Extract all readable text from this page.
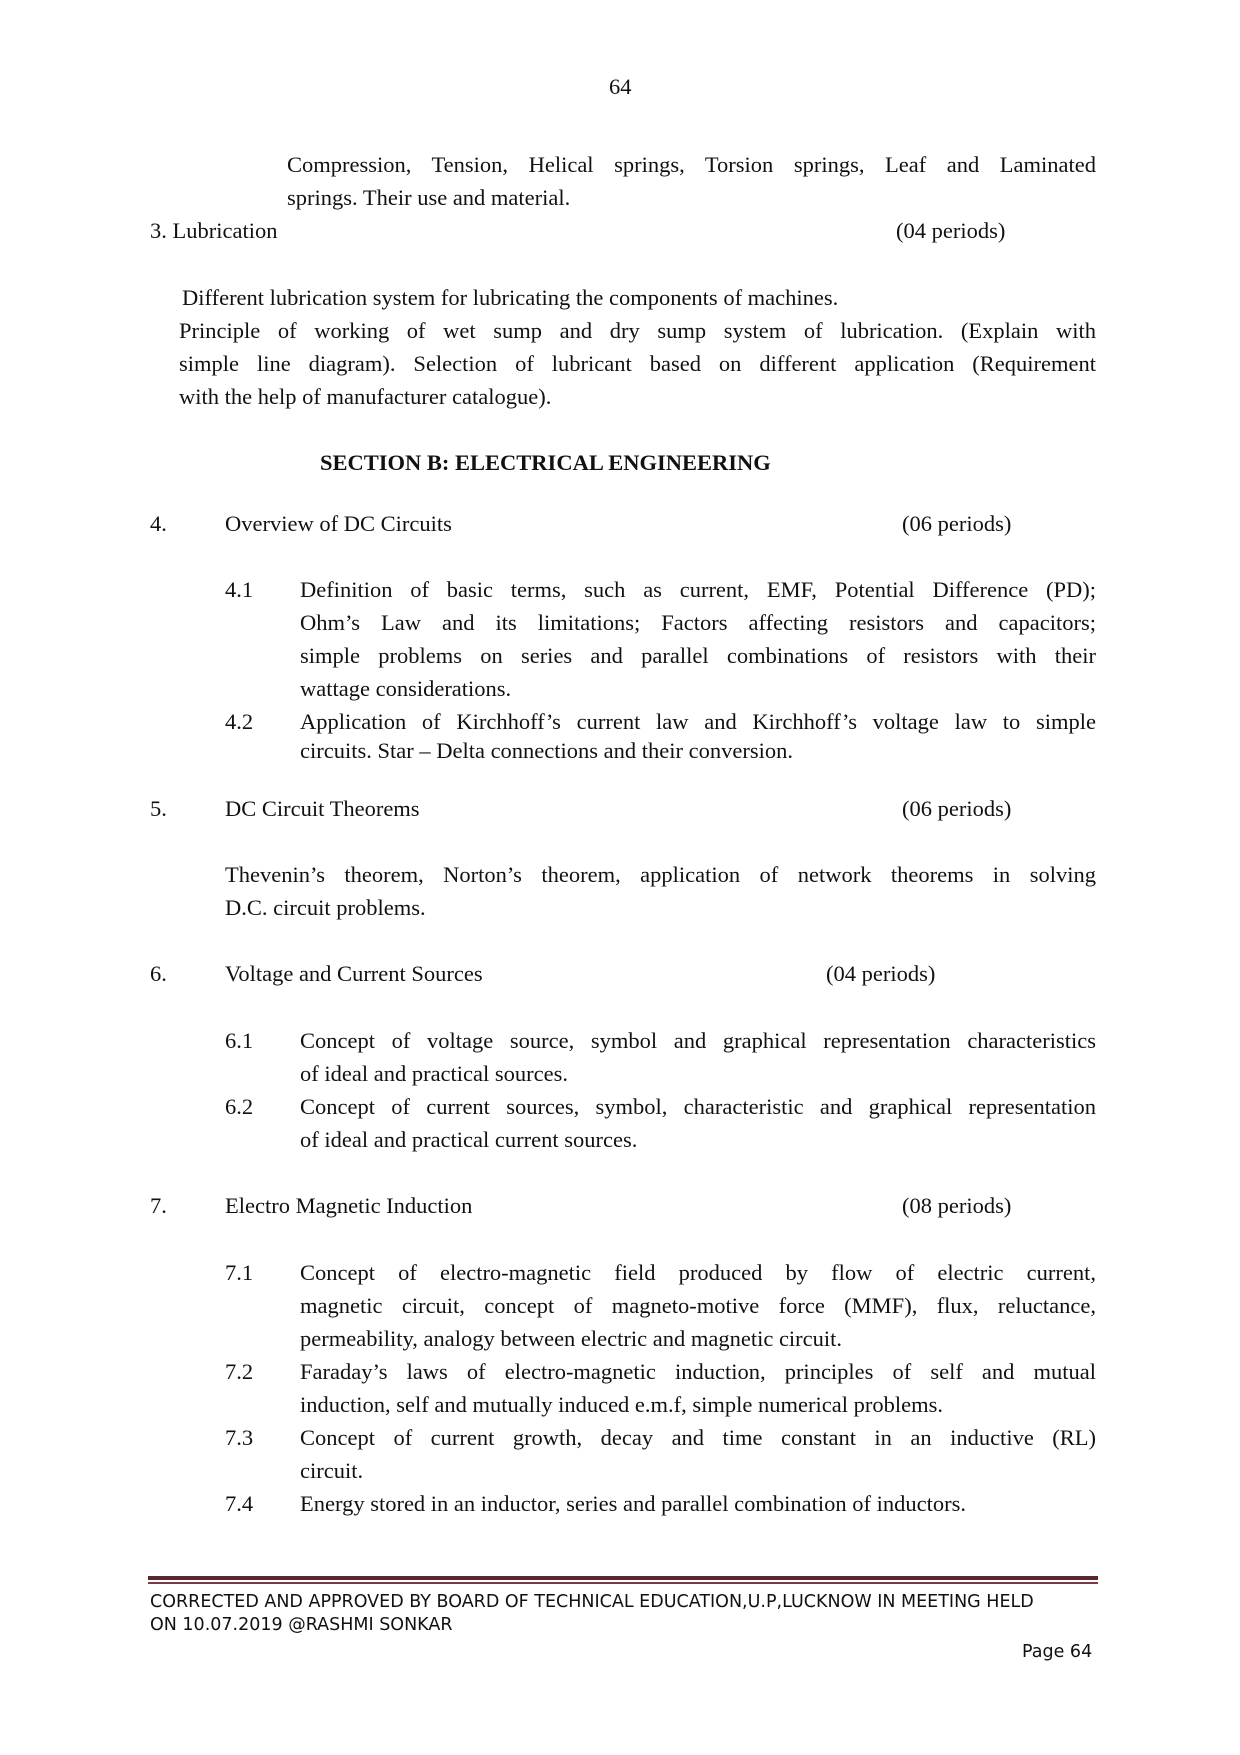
64
Compression, Tension, Helical springs, Torsion springs, Leaf and Laminated
springs. Their use and material.
3. Lubrication	(04 periods)
Different lubrication system for lubricating the components of machines.
Principle of working of wet sump and dry sump system of lubrication. (Explain with
simple line diagram). Selection of lubricant based on different application (Requirement
with the help of manufacturer catalogue).
SECTION B: ELECTRICAL ENGINEERING
4.	Overview of DC Circuits	(06 periods)
4.1 Definition of basic terms, such as current, EMF, Potential Difference (PD);
Ohm’s Law and its limitations; Factors affecting resistors and capacitors;
simple problems on series and parallel combinations of resistors with their
wattage considerations.
4.2 Application of Kirchhoff’s current law and Kirchhoff’s voltage law to simple
circuits. Star – Delta connections and their conversion.
5.	DC Circuit Theorems	(06 periods)
Thevenin’s theorem, Norton’s theorem, application of network theorems in solving
D.C. circuit problems.
6.	Voltage and Current Sources	(04 periods)
6.1 Concept of voltage source, symbol and graphical representation characteristics
of ideal and practical sources.
6.2 Concept of current sources, symbol, characteristic and graphical representation
of ideal and practical current sources.
7.	Electro Magnetic Induction	(08 periods)
7.1 Concept of electro-magnetic field produced by flow of electric current,
magnetic circuit, concept of magneto-motive force (MMF), flux, reluctance,
permeability, analogy between electric and magnetic circuit.
7.2 Faraday’s laws of electro-magnetic induction, principles of self and mutual
induction, self and mutually induced e.m.f, simple numerical problems.
7.3 Concept of current growth, decay and time constant in an inductive (RL)
circuit.
7.4 Energy stored in an inductor, series and parallel combination of inductors.
CORRECTED AND APPROVED BY BOARD OF TECHNICAL EDUCATION,U.P,LUCKNOW IN MEETING HELD
ON 10.07.2019 @RASHMI SONKAR
Page 64
